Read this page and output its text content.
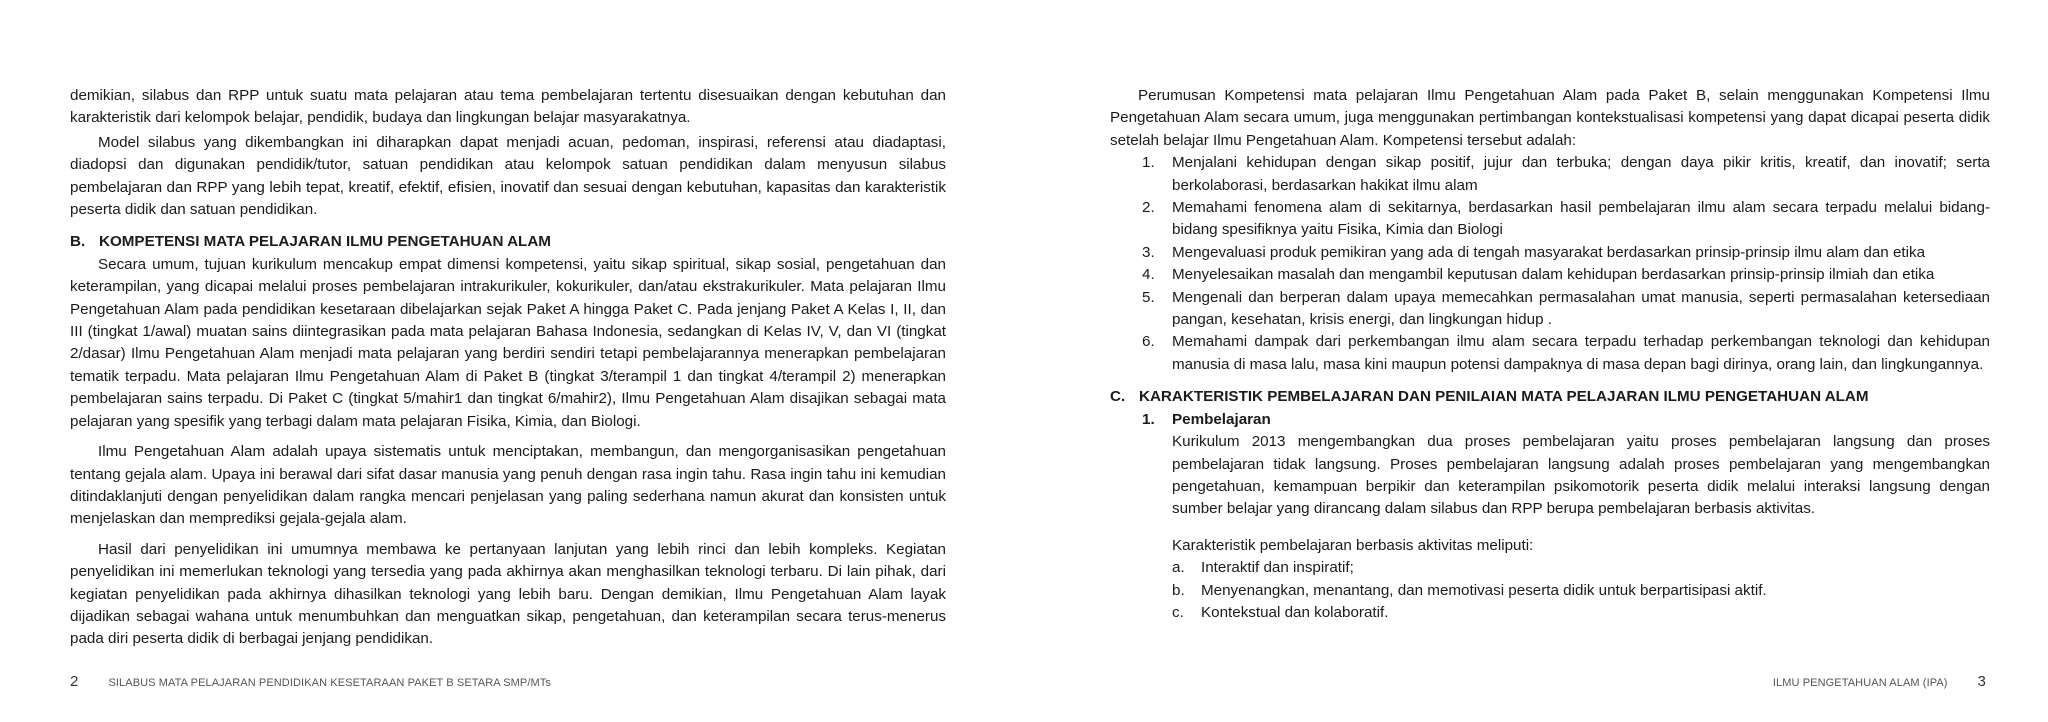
demikian, silabus dan RPP untuk suatu mata pelajaran atau tema pembelajaran tertentu disesuaikan dengan kebutuhan dan karakteristik dari kelompok belajar, pendidik, budaya dan lingkungan belajar masyarakatnya.

Model silabus yang dikembangkan ini diharapkan dapat menjadi acuan, pedoman, inspirasi, referensi atau diadaptasi, diadopsi dan digunakan pendidik/tutor, satuan pendidikan atau kelompok satuan pendidikan dalam menyusun silabus pembelajaran dan RPP yang lebih tepat, kreatif, efektif, efisien, inovatif dan sesuai dengan kebutuhan, kapasitas dan karakteristik peserta didik dan satuan pendidikan.

B. KOMPETENSI MATA PELAJARAN ILMU PENGETAHUAN ALAM

Secara umum, tujuan kurikulum mencakup empat dimensi kompetensi, yaitu sikap spiritual, sikap sosial, pengetahuan dan keterampilan, yang dicapai melalui proses pembelajaran intrakurikuler, kokurikuler, dan/atau ekstrakurikuler. Mata pelajaran Ilmu Pengetahuan Alam pada pendidikan kesetaraan dibelajarkan sejak Paket A hingga Paket C. Pada jenjang Paket A Kelas I, II, dan III (tingkat 1/awal) muatan sains diintegrasikan pada mata pelajaran Bahasa Indonesia, sedangkan di Kelas IV, V, dan VI (tingkat 2/dasar) Ilmu Pengetahuan Alam menjadi mata pelajaran yang berdiri sendiri tetapi pembelajarannya menerapkan pembelajaran tematik terpadu. Mata pelajaran Ilmu Pengetahuan Alam di Paket B (tingkat 3/terampil 1 dan tingkat 4/terampil 2) menerapkan pembelajaran sains terpadu. Di Paket C (tingkat 5/mahir1 dan tingkat 6/mahir2), Ilmu Pengetahuan Alam disajikan sebagai mata pelajaran yang spesifik yang terbagi dalam mata pelajaran Fisika, Kimia, dan Biologi.

Ilmu Pengetahuan Alam adalah upaya sistematis untuk menciptakan, membangun, dan mengorganisasikan pengetahuan tentang gejala alam. Upaya ini berawal dari sifat dasar manusia yang penuh dengan rasa ingin tahu. Rasa ingin tahu ini kemudian ditindaklanjuti dengan penyelidikan dalam rangka mencari penjelasan yang paling sederhana namun akurat dan konsisten untuk menjelaskan dan memprediksi gejala-gejala alam.

Hasil dari penyelidikan ini umumnya membawa ke pertanyaan lanjutan yang lebih rinci dan lebih kompleks. Kegiatan penyelidikan ini memerlukan teknologi yang tersedia yang pada akhirnya akan menghasilkan teknologi terbaru. Di lain pihak, dari kegiatan penyelidikan pada akhirnya dihasilkan teknologi yang lebih baru. Dengan demikian, Ilmu Pengetahuan Alam layak dijadikan sebagai wahana untuk menumbuhkan dan menguatkan sikap, pengetahuan, dan keterampilan secara terus-menerus pada diri peserta didik di berbagai jenjang pendidikan.

Perumusan Kompetensi mata pelajaran Ilmu Pengetahuan Alam pada Paket B, selain menggunakan Kompetensi Ilmu Pengetahuan Alam secara umum, juga menggunakan pertimbangan kontekstualisasi kompetensi yang dapat dicapai peserta didik setelah belajar Ilmu Pengetahuan Alam. Kompetensi tersebut adalah:

1.	Menjalani kehidupan dengan sikap positif, jujur dan terbuka; dengan daya pikir kritis, kreatif, dan inovatif; serta berkolaborasi, berdasarkan hakikat ilmu alam
2.	Memahami fenomena alam di sekitarnya, berdasarkan hasil pembelajaran ilmu alam secara terpadu melalui bidang-bidang spesifiknya yaitu Fisika, Kimia dan Biologi
3.	Mengevaluasi produk pemikiran yang ada di tengah masyarakat berdasarkan prinsip-prinsip ilmu alam dan etika
4.	Menyelesaikan masalah dan mengambil keputusan dalam kehidupan berdasarkan prinsip-prinsip ilmiah dan etika
5.	Mengenali dan berperan dalam upaya memecahkan permasalahan umat manusia, seperti permasalahan ketersediaan pangan, kesehatan, krisis energi, dan lingkungan hidup .
6.	Memahami dampak dari perkembangan ilmu alam secara terpadu terhadap perkembangan teknologi dan kehidupan manusia di masa lalu, masa kini maupun potensi dampaknya di masa depan bagi dirinya, orang lain, dan lingkungannya.
C. KARAKTERISTIK PEMBELAJARAN DAN PENILAIAN MATA PELAJARAN ILMU PENGETAHUAN ALAM
1.	Pembelajaran

Kurikulum 2013 mengembangkan dua proses pembelajaran yaitu proses pembelajaran langsung dan proses pembelajaran tidak langsung. Proses pembelajaran langsung adalah proses pembelajaran yang mengembangkan pengetahuan, kemampuan berpikir dan keterampilan psikomotorik peserta didik melalui interaksi langsung dengan sumber belajar yang dirancang dalam silabus dan RPP berupa pembelajaran berbasis aktivitas.

Karakteristik pembelajaran berbasis aktivitas meliputi:

a.	Interaktif dan inspiratif;
b.	Menyenangkan, menantang, dan memotivasi peserta didik untuk berpartisipasi aktif.
c.	Kontekstual dan kolaboratif.
2	SILABUS MATA PELAJARAN PENDIDIKAN KESETARAAN PAKET B SETARA SMP/MTs	ILMU PENGETAHUAN ALAM (IPA) 3
